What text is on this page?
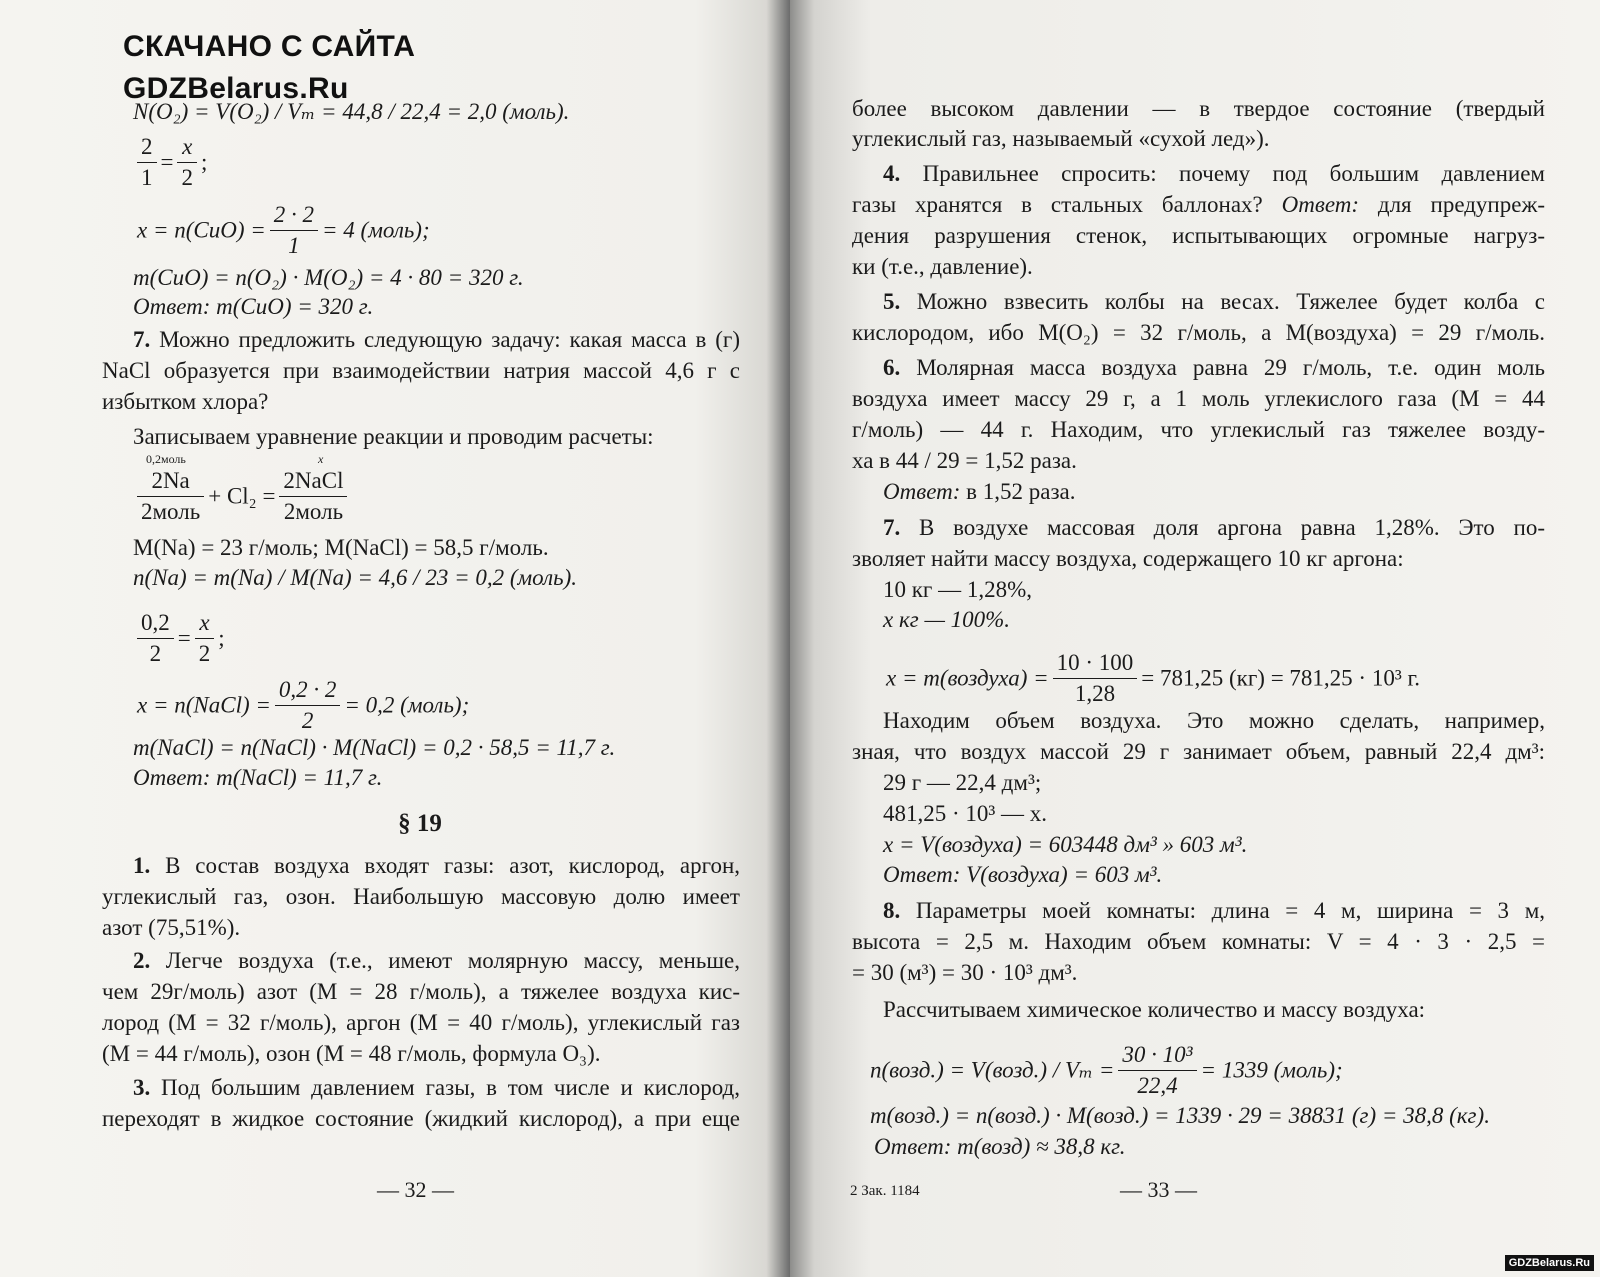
СКАЧАНО С САЙТА
GDZBelarus.Ru
N(O₂) = V(O₂) / Vₘ = 44,8 / 22,4 = 2,0 (моль).
$\frac{2}{1} = \frac{x}{2}$ ;
$x = n(CuO) = \frac{2 \cdot 2}{1} = 4$ (моль);
m(CuO) = n(O₂) · M(O₂) = 4 · 80 = 320 г.
Ответ: m(CuO) = 320 г.
7. Можно предложить следующую задачу: какая масса в (г)
NaCl образуется при взаимодействии натрия массой 4,6 г с
избытком хлора?
Записываем уравнение реакции и проводим расчеты:
0,2моль	x
$\frac{2Na}{\text{2моль}} + Cl_2 = \frac{\text{2NaCl}}{\text{2моль}}$
M(Na) = 23 г/моль; M(NaCl) = 58,5 г/моль.
n(Na) = m(Na) / M(Na) = 4,6 / 23 = 0,2 (моль).
$\frac{0,2}{2} = \frac{x}{2}$ ;
x = n(NaCl) = $\frac{0,2 \cdot 2}{2} = 0,2$ (моль);
m(NaCl) = n(NaCl) · M(NaCl) = 0,2 · 58,5 = 11,7 г.
Ответ: m(NaCl) = 11,7 г.
§ 19
1. В состав воздуха входят газы: азот, кислород, аргон,
углекислый газ, озон. Наибольшую массовую долю имеет
азот (75,51%).
2. Легче воздуха (т.е., имеют молярную массу, меньше,
чем 29г/моль) азот (M = 28 г/моль), а тяжелее воздуха кис-
лород (M = 32 г/моль), аргон (M = 40 г/моль), углекислый газ
(M = 44 г/моль), озон (M = 48 г/моль, формула O₃).
3. Под большим давлением газы, в том числе и кислород,
переходят в жидкое состояние (жидкий кислород), а при еще
— 32 —
более высоком давлении — в твердое состояние (твердый
углекислый газ, называемый «сухой лед»).
4. Правильнее спросить: почему под большим давлением
газы хранятся в стальных баллонах? Ответ: для предупреж-
дения разрушения стенок, испытывающих огромные нагруз-
ки (т.е., давление).
5. Можно взвесить колбы на весах. Тяжелее будет колба с
кислородом, ибо M(O₂) = 32 г/моль, а M(воздуха) = 29 г/моль.
6. Молярная масса воздуха равна 29 г/моль, т.е. один моль
воздуха имеет массу 29 г, а 1 моль углекислого газа (M = 44
г/моль) — 44 г. Находим, что углекислый газ тяжелее возду-
ха в 44 / 29 = 1,52 раза.
Ответ: в 1,52 раза.
7. В воздухе массовая доля аргона равна 1,28%. Это по-
зволяет найти массу воздуха, содержащего 10 кг аргона:
10 кг — 1,28%,
x кг — 100%.
x = m(воздуха) = $\frac{10 \cdot 100}{1,28} = 781,25$ (кг) = 781,25 · 10³ г.
Находим объем воздуха. Это можно сделать, например,
зная, что воздух массой 29 г занимает объем, равный 22,4 дм³:
29 г — 22,4 дм³;
481,25 · 10³ — x.
x = V(воздуха) = 603448 дм³ » 603 м³.
Ответ: V(воздуха) = 603 м³.
8. Параметры моей комнаты: длина = 4 м, ширина = 3 м,
высота = 2,5 м. Находим объем комнаты: V = 4 · 3 · 2,5 =
= 30 (м³) = 30 · 10³ дм³.
Рассчитываем химическое количество и массу воздуха:
n(возд.) = V(возд.) / $V_m = \frac{\text{30 · 10³}}{22,4} = 1339$ (моль);
m(возд.) = n(возд.) · M(возд.) = 1339 · 29 = 38831 (г) = 38,8 (кг).
Ответ: m(возд) ≈ 38,8 кг.
2 Зак. 1184	— 33 —
GDZBelarus.Ru
